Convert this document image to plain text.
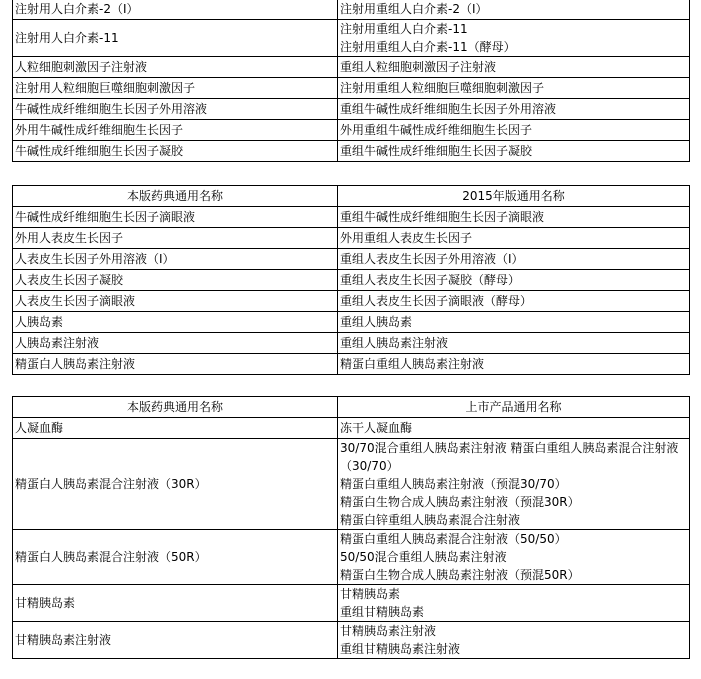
注射用人白介素-2（I）	注射用重组人白介素-2（I）

注射用人白介素-11	注射用重组人白介素-11
注射用重组人白介素-11（酵母）

人粒细胞刺激因子注射液	重组人粒细胞刺激因子注射液

注射用人粒细胞巨噬细胞刺激因子	注射用重组人粒细胞巨噬细胞刺激因子

牛碱性成纤维细胞生长因子外用溶液	重组牛碱性成纤维细胞生长因子外用溶液

外用牛碱性成纤维细胞生长因子	外用重组牛碱性成纤维细胞生长因子

牛碱性成纤维细胞生长因子凝胶	重组牛碱性成纤维细胞生长因子凝胶
本版药典通用名称	2015年版通用名称
牛碱性成纤维细胞生长因子滴眼液	重组牛碱性成纤维细胞生长因子滴眼液

外用人表皮生长因子	外用重组人表皮生长因子

人表皮生长因子外用溶液（I）	重组人表皮生长因子外用溶液（I）

人表皮生长因子凝胶	重组人表皮生长因子凝胶（酵母）

人表皮生长因子滴眼液	重组人表皮生长因子滴眼液（酵母）

人胰岛素	重组人胰岛素

人胰岛素注射液	重组人胰岛素注射液

精蛋白人胰岛素注射液	精蛋白重组人胰岛素注射液
本版药典通用名称	上市产品通用名称
人凝血酶	冻干人凝血酶

精蛋白人胰岛素混合注射液（30R）	30/70混合重组人胰岛素注射液 精蛋白重组人胰岛素混合注射液（30/70）
精蛋白重组人胰岛素注射液（预混30/70）
精蛋白生物合成人胰岛素注射液（预混30R）
精蛋白锌重组人胰岛素混合注射液

精蛋白人胰岛素混合注射液（50R）	精蛋白重组人胰岛素混合注射液（50/50）
50/50混合重组人胰岛素注射液
精蛋白生物合成人胰岛素注射液（预混50R）

甘精胰岛素	甘精胰岛素
重组甘精胰岛素

甘精胰岛素注射液	甘精胰岛素注射液
重组甘精胰岛素注射液
